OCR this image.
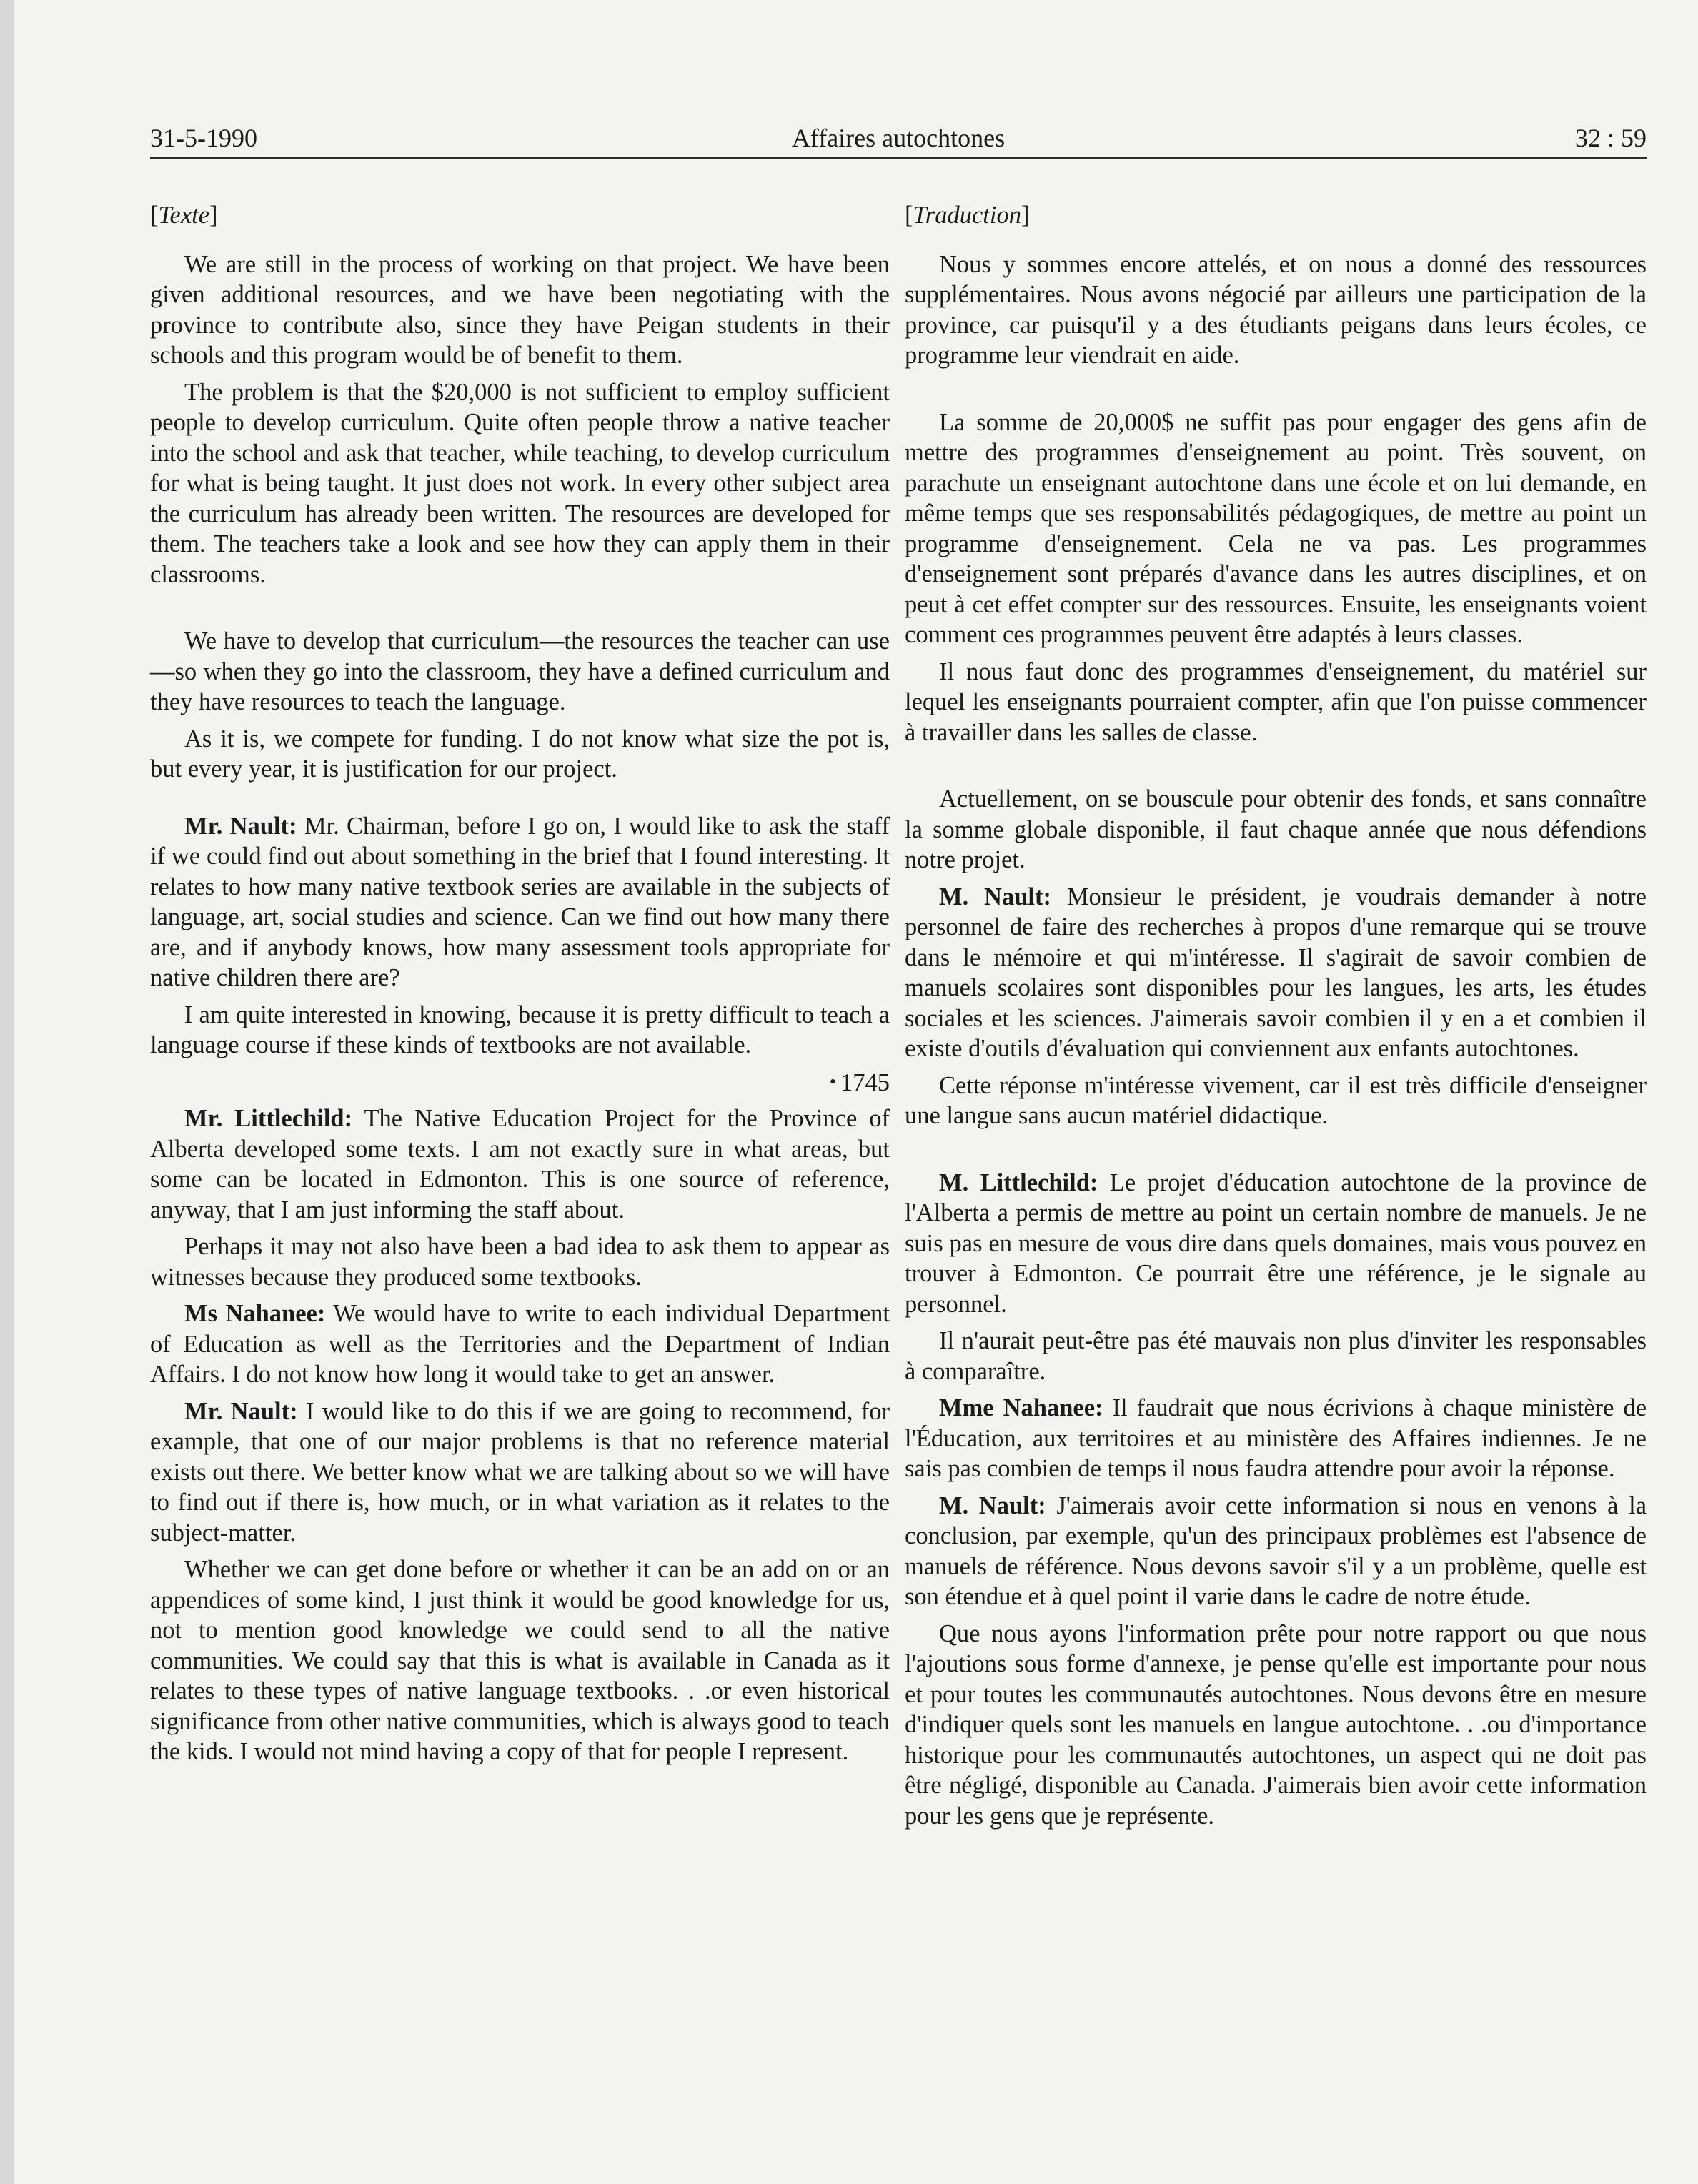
31-5-1990	Affaires autochtones	32 : 59
[Texte]

We are still in the process of working on that project. We have been given additional resources, and we have been negotiating with the province to contribute also, since they have Peigan students in their schools and this program would be of benefit to them.

The problem is that the $20,000 is not sufficient to employ sufficient people to develop curriculum. Quite often people throw a native teacher into the school and ask that teacher, while teaching, to develop curriculum for what is being taught. It just does not work. In every other subject area the curriculum has already been written. The resources are developed for them. The teachers take a look and see how they can apply them in their classrooms.

We have to develop that curriculum—the resources the teacher can use—so when they go into the classroom, they have a defined curriculum and they have resources to teach the language.

As it is, we compete for funding. I do not know what size the pot is, but every year, it is justification for our project.

Mr. Nault: Mr. Chairman, before I go on, I would like to ask the staff if we could find out about something in the brief that I found interesting. It relates to how many native textbook series are available in the subjects of language, art, social studies and science. Can we find out how many there are, and if anybody knows, how many assessment tools appropriate for native children there are?

I am quite interested in knowing, because it is pretty difficult to teach a language course if these kinds of textbooks are not available.

• 1745

Mr. Littlechild: The Native Education Project for the Province of Alberta developed some texts. I am not exactly sure in what areas, but some can be located in Edmonton. This is one source of reference, anyway, that I am just informing the staff about.

Perhaps it may not also have been a bad idea to ask them to appear as witnesses because they produced some textbooks.

Ms Nahanee: We would have to write to each individual Department of Education as well as the Territories and the Department of Indian Affairs. I do not know how long it would take to get an answer.

Mr. Nault: I would like to do this if we are going to recommend, for example, that one of our major problems is that no reference material exists out there. We better know what we are talking about so we will have to find out if there is, how much, or in what variation as it relates to the subject-matter.

Whether we can get done before or whether it can be an add on or an appendices of some kind, I just think it would be good knowledge for us, not to mention good knowledge we could send to all the native communities. We could say that this is what is available in Canada as it relates to these types of native language textbooks. . .or even historical significance from other native communities, which is always good to teach the kids. I would not mind having a copy of that for people I represent.

[Traduction]

Nous y sommes encore attelés, et on nous a donné des ressources supplémentaires. Nous avons négocié par ailleurs une participation de la province, car puisqu'il y a des étudiants peigans dans leurs écoles, ce programme leur viendrait en aide.

La somme de 20,000$ ne suffit pas pour engager des gens afin de mettre des programmes d'enseignement au point. Très souvent, on parachute un enseignant autochtone dans une école et on lui demande, en même temps que ses responsabilités pédagogiques, de mettre au point un programme d'enseignement. Cela ne va pas. Les programmes d'enseignement sont préparés d'avance dans les autres disciplines, et on peut à cet effet compter sur des ressources. Ensuite, les enseignants voient comment ces programmes peuvent être adaptés à leurs classes.

Il nous faut donc des programmes d'enseignement, du matériel sur lequel les enseignants pourraient compter, afin que l'on puisse commencer à travailler dans les salles de classe.

Actuellement, on se bouscule pour obtenir des fonds, et sans connaître la somme globale disponible, il faut chaque année que nous défendions notre projet.

M. Nault: Monsieur le président, je voudrais demander à notre personnel de faire des recherches à propos d'une remarque qui se trouve dans le mémoire et qui m'intéresse. Il s'agirait de savoir combien de manuels scolaires sont disponibles pour les langues, les arts, les études sociales et les sciences. J'aimerais savoir combien il y en a et combien il existe d'outils d'évaluation qui conviennent aux enfants autochtones.

Cette réponse m'intéresse vivement, car il est très difficile d'enseigner une langue sans aucun matériel didactique.

M. Littlechild: Le projet d'éducation autochtone de la province de l'Alberta a permis de mettre au point un certain nombre de manuels. Je ne suis pas en mesure de vous dire dans quels domaines, mais vous pouvez en trouver à Edmonton. Ce pourrait être une référence, je le signale au personnel.

Il n'aurait peut-être pas été mauvais non plus d'inviter les responsables à comparaître.

Mme Nahanee: Il faudrait que nous écrivions à chaque ministère de l'Éducation, aux territoires et au ministère des Affaires indiennes. Je ne sais pas combien de temps il nous faudra attendre pour avoir la réponse.

M. Nault: J'aimerais avoir cette information si nous en venons à la conclusion, par exemple, qu'un des principaux problèmes est l'absence de manuels de référence. Nous devons savoir s'il y a un problème, quelle est son étendue et à quel point il varie dans le cadre de notre étude.

Que nous ayons l'information prête pour notre rapport ou que nous l'ajoutions sous forme d'annexe, je pense qu'elle est importante pour nous et pour toutes les communautés autochtones. Nous devons être en mesure d'indiquer quels sont les manuels en langue autochtone. . .ou d'importance historique pour les communautés autochtones, un aspect qui ne doit pas être négligé, disponible au Canada. J'aimerais bien avoir cette information pour les gens que je représente.
